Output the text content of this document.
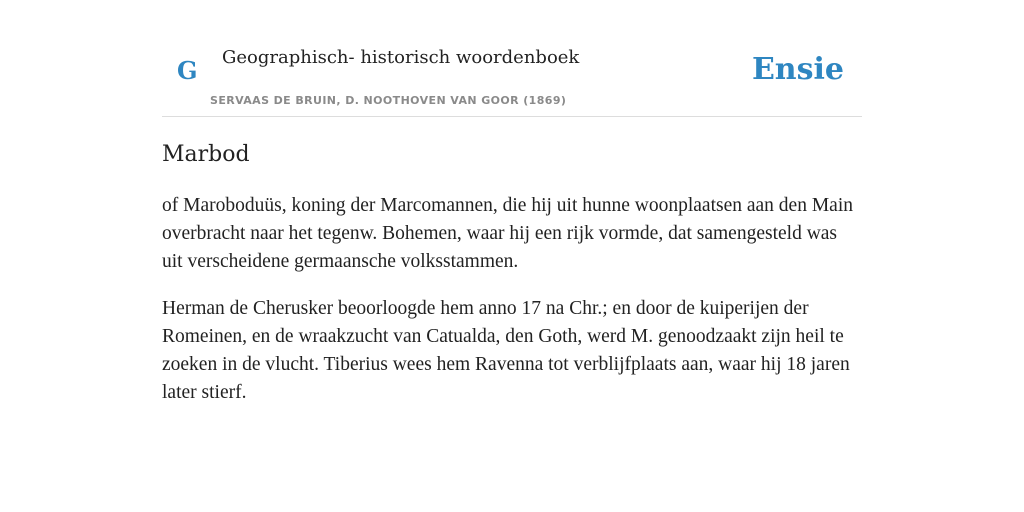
G Geographisch- historisch woordenboek
SERVAAS DE BRUIN, D. NOOTHOVEN VAN GOOR (1869)
Ensie
Marbod

of Maroboduüs, koning der Marcomannen, die hij uit hunne woonplaatsen aan den Main overbracht naar het tegenw. Bohemen, waar hij een rijk vormde, dat samengesteld was uit verscheidene germaansche volksstammen.

Herman de Cherusker beoorloogde hem anno 17 na Chr.; en door de kuiperijen der Romeinen, en de wraakzucht van Catualda, den Goth, werd M. genoodzaakt zijn heil te zoeken in de vlucht. Tiberius wees hem Ravenna tot verblijfplaats aan, waar hij 18 jaren later stierf.
